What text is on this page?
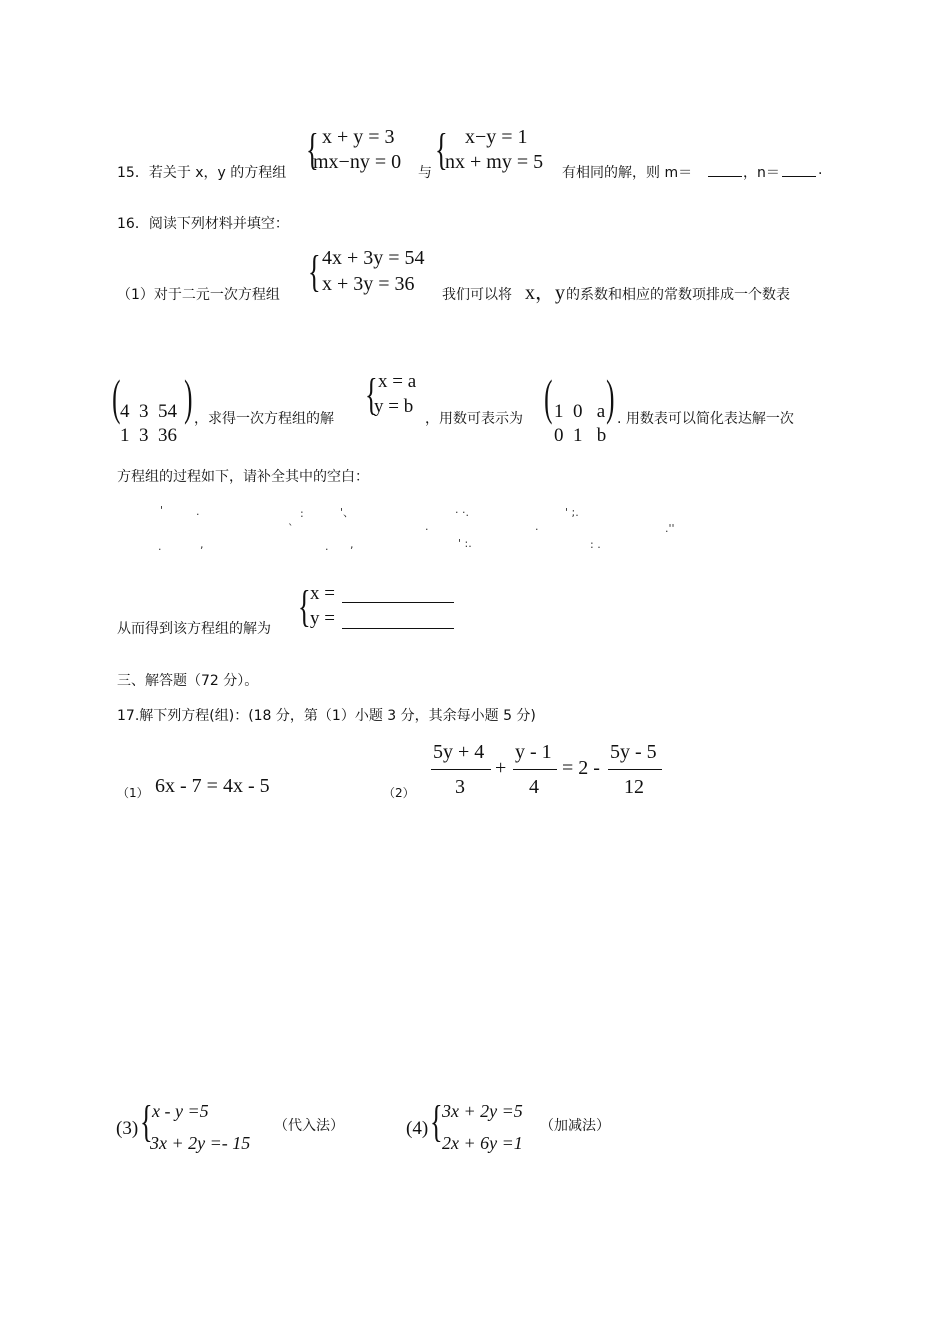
15．若关于 x，y 的方程组 { x + y = 3
mx−ny = 0 与 { x−y = 1
nx + my = 5 有相同的解，则 m＝	，n＝	.
16．阅读下列材料并填空：
（1）对于二元一次方程组 { 4x + 3y = 54
x + 3y = 36 我们可以将 x，y 的系数和相应的常数项排成一个数表
( 4  3  54
1  3  36
) ，求得一次方程组的解 { x = a
y = b
，用数可表示为 ( 1  0   a
0  1   b
) . 用数表可以简化表达解一次
方程组的过程如下，请补全其中的空白：
'	·	:	'、	· ·.	' ;.
`	·	·	.''
.	,	. ,	' :.	: .
从而得到该方程组的解为 { x =
y =
三、解答题（72 分）。
17.解下列方程(组)：(18 分，第（1）小题 3 分，其余每小题 5 分)
（1） 6x - 7 = 4x - 5	（2）
5y + 4
3
+
y - 1
4
= 2 -
5y - 5
12
(3) { x - y =5
3x + 2y =- 15
（代入法）	(4) { 3x + 2y =5
2x + 6y =1
（加减法）
